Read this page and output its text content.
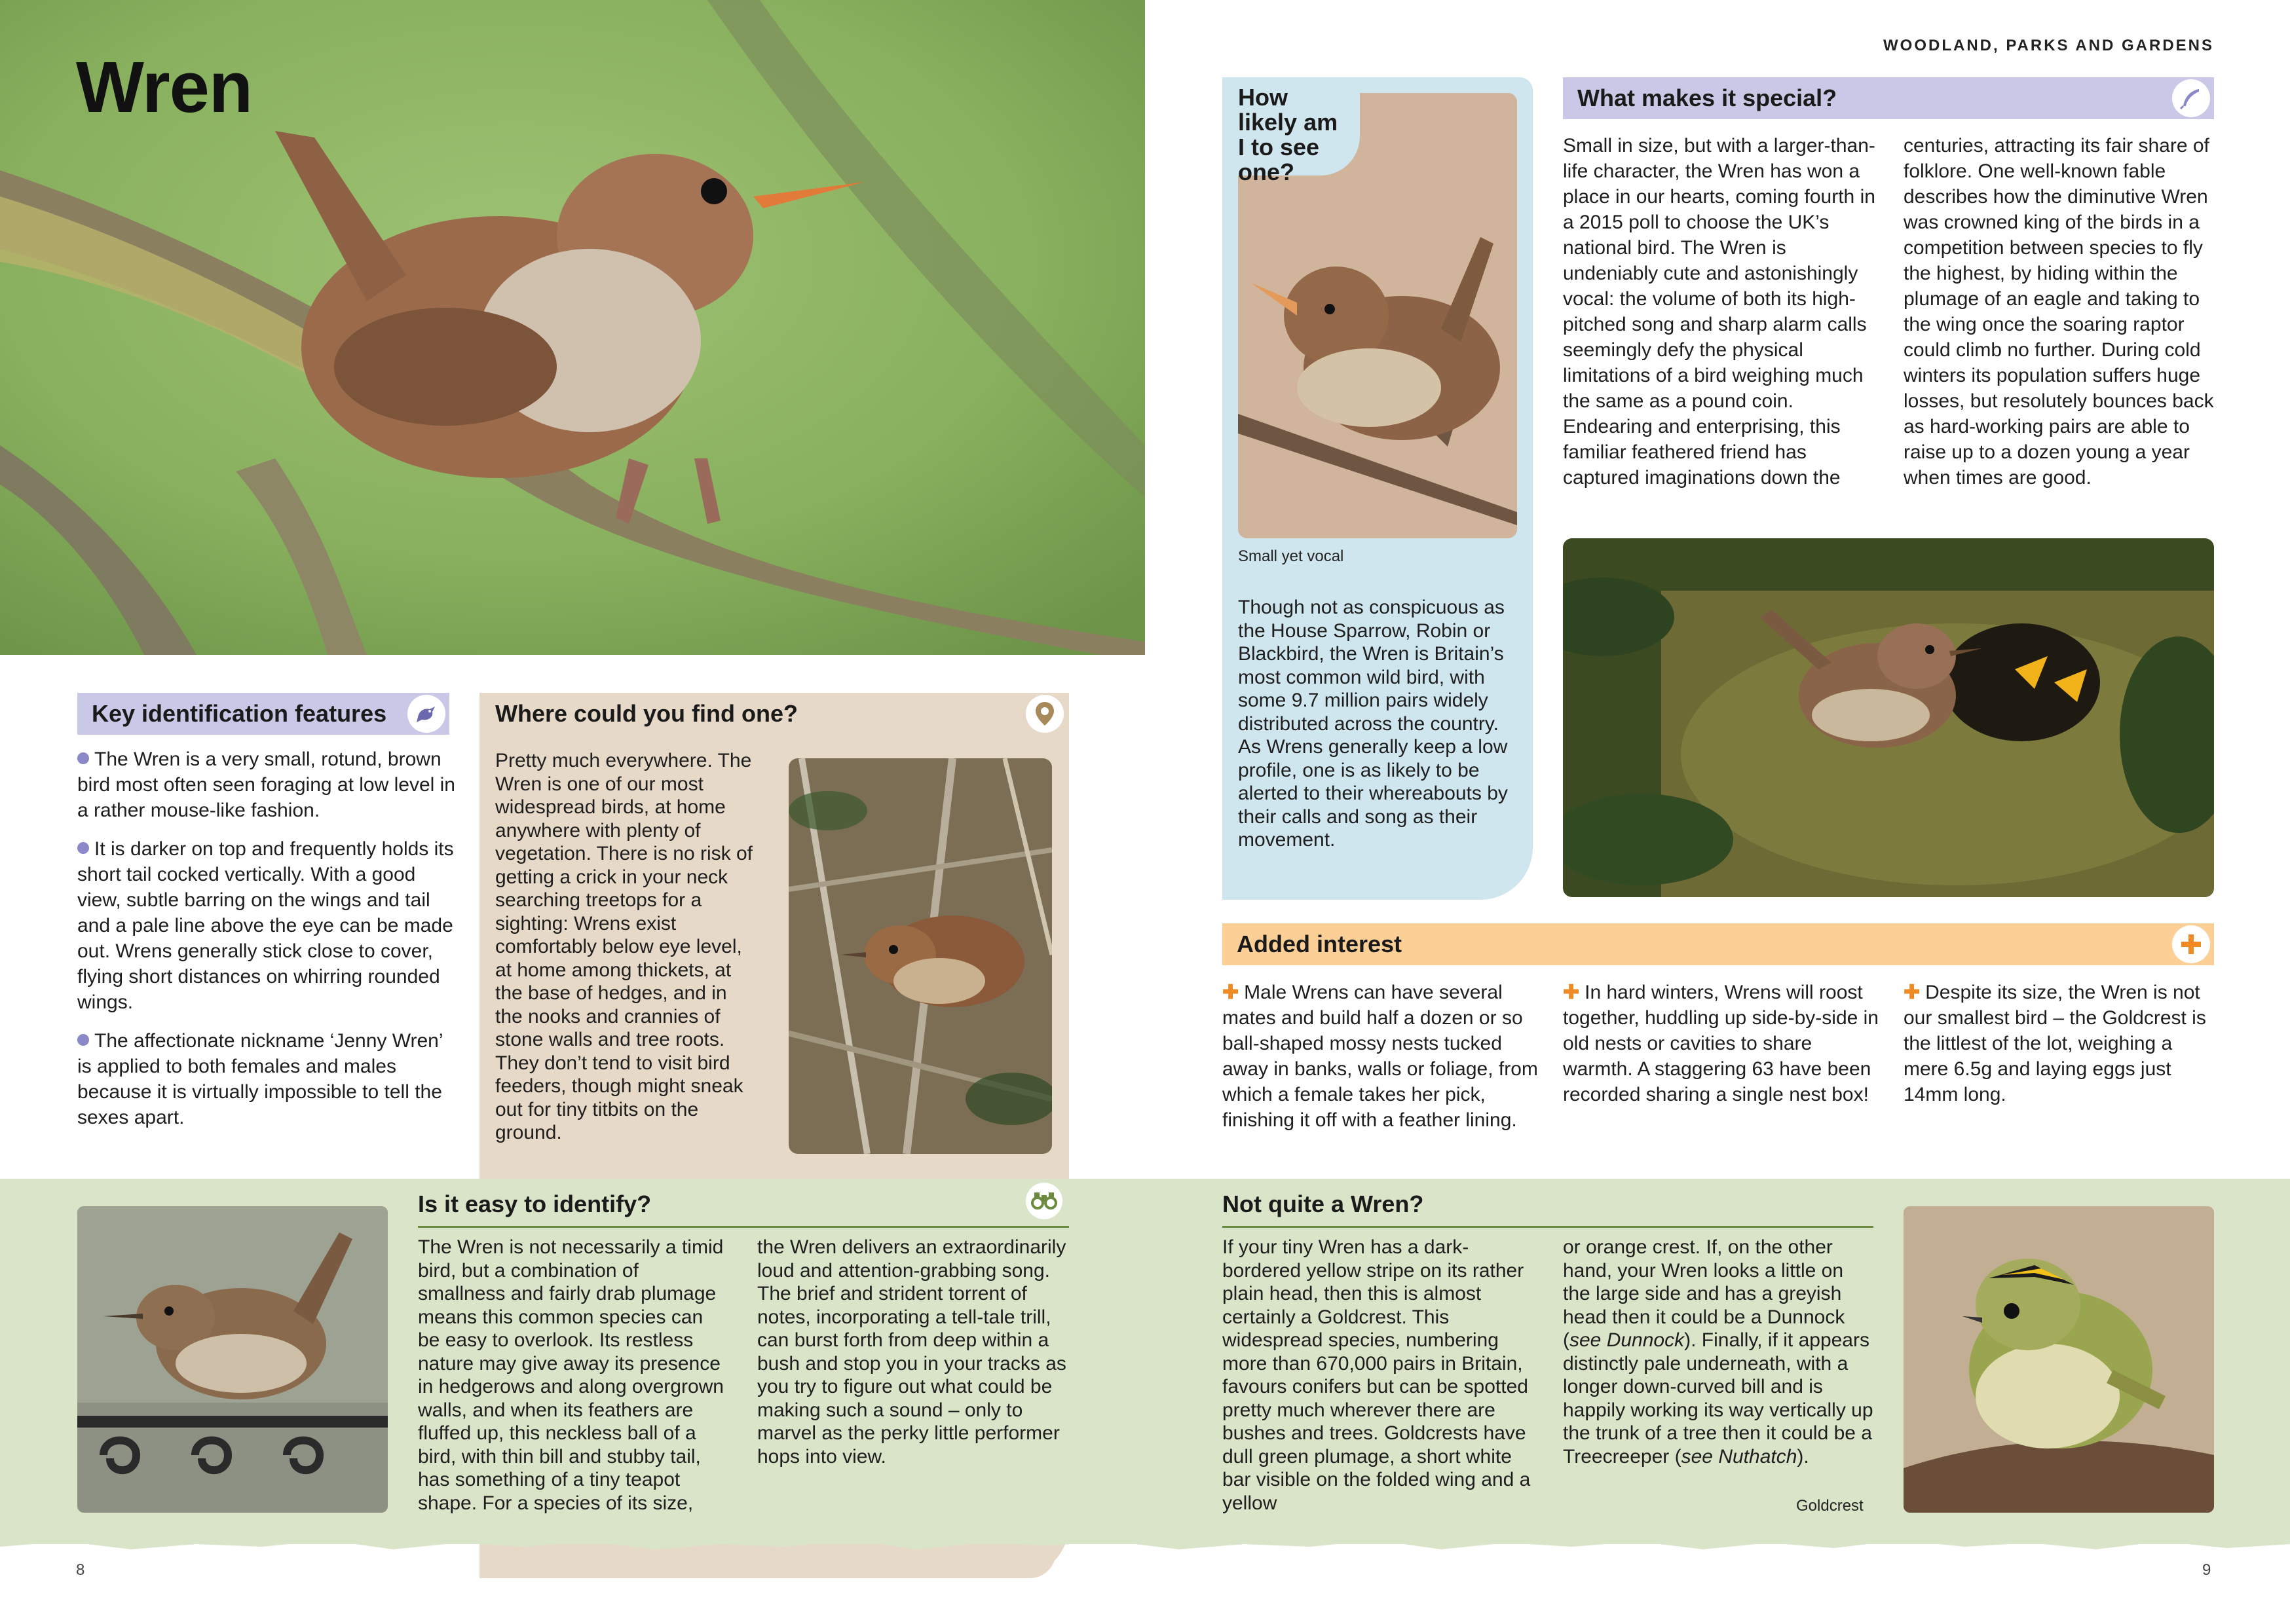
Wren
Key identification features

The Wren is a very small, rotund, brown bird most often seen foraging at low level in a rather mouse-like fashion.

It is darker on top and frequently holds its short tail cocked vertically. With a good view, subtle barring on the wings and tail and a pale line above the eye can be made out. Wrens generally stick close to cover, flying short distances on whirring rounded wings.

The affectionate nickname ‘Jenny Wren’ is applied to both females and males because it is virtually impossible to tell the sexes apart.

Where could you find one?
Pretty much everywhere. The Wren is one of our most widespread birds, at home anywhere with plenty of vegetation. There is no risk of getting a crick in your neck searching treetops for a sighting: Wrens exist comfortably below eye level, at home among thickets, at the base of hedges, and in the nooks and crannies of stone walls and tree roots. They don’t tend to visit bird feeders, though might sneak out for tiny titbits on the ground.
Is it easy to identify?
The Wren is not necessarily a timid bird, but a combination of smallness and fairly drab plumage means this common species can be easy to overlook. Its restless nature may give away its presence in hedgerows and along overgrown walls, and when its feathers are fluffed up, this neckless ball of a bird, with thin bill and stubby tail, has something of a tiny teapot shape. For a species of its size,
the Wren delivers an extraordinarily loud and attention-grabbing song. The brief and strident torrent of notes, incorporating a tell-tale trill, can burst forth from deep within a bush and stop you in your tracks as you try to figure out what could be making such a sound – only to marvel as the perky little performer hops into view.
8
WOODLAND, PARKS AND GARDENS
How likely am I to see one?
Small yet vocal
Though not as conspicuous as the House Sparrow, Robin or Blackbird, the Wren is Britain’s most common wild bird, with some 9.7 million pairs widely distributed across the country. As Wrens generally keep a low profile, one is as likely to be alerted to their whereabouts by their calls and song as their movement.
What makes it special?
Small in size, but with a larger-than-life character, the Wren has won a place in our hearts, coming fourth in a 2015 poll to choose the UK’s national bird. The Wren is undeniably cute and astonishingly vocal: the volume of both its high-pitched song and sharp alarm calls seemingly defy the physical limitations of a bird weighing much the same as a pound coin. Endearing and enterprising, this familiar feathered friend has captured imaginations down the
centuries, attracting its fair share of folklore. One well-known fable describes how the diminutive Wren was crowned king of the birds in a competition between species to fly the highest, by hiding within the plumage of an eagle and taking to the wing once the soaring raptor could climb no further. During cold winters its population suffers huge losses, but resolutely bounces back as hard-working pairs are able to raise up to a dozen young a year when times are good.
Added interest
✚ Male Wrens can have several mates and build half a dozen or so ball-shaped mossy nests tucked away in banks, walls or foliage, from which a female takes her pick, finishing it off with a feather lining.
✚ In hard winters, Wrens will roost together, huddling up side-by-side in old nests or cavities to share warmth. A staggering 63 have been recorded sharing a single nest box!
✚ Despite its size, the Wren is not our smallest bird – the Goldcrest is the littlest of the lot, weighing a mere 6.5g and laying eggs just 14mm long.
Not quite a Wren?
If your tiny Wren has a dark-bordered yellow stripe on its rather plain head, then this is almost certainly a Goldcrest. This widespread species, numbering more than 670,000 pairs in Britain, favours conifers but can be spotted pretty much wherever there are bushes and trees. Goldcrests have dull green plumage, a short white bar visible on the folded wing and a yellow
or orange crest. If, on the other hand, your Wren looks a little on the large side and has a greyish head then it could be a Dunnock (see Dunnock). Finally, if it appears distinctly pale underneath, with a longer down-curved bill and is happily working its way vertically up the trunk of a tree then it could be a Treecreeper (see Nuthatch).
Goldcrest
9
